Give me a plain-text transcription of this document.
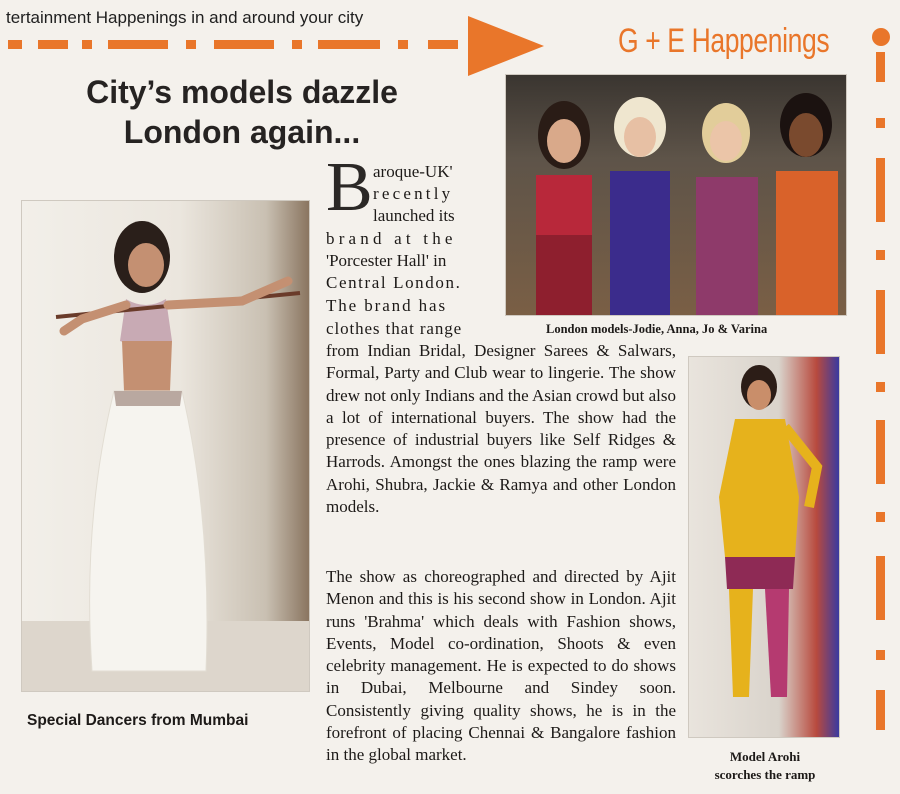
tertainment Happenings in and around your city
G + E Happenings
City’s models dazzle
London again...
London models-Jodie, Anna, Jo & Varina
Model Arohi
scorches the ramp
Special Dancers from Mumbai
B aroque-UK'
recently
launched its
brand at the
'Porcester Hall' in
Central London.
The brand has
clothes that range
from Indian Bridal, Designer Sarees & Salwars, Formal, Party and Club wear to lingerie. The show drew not only Indians and the Asian crowd but also a lot of international buyers. The show had the presence of industrial buyers like Self Ridges & Harrods. Amongst the ones blazing the ramp were Arohi, Shubra, Jackie & Ramya and other London models.
The show as choreographed and directed by Ajit Menon and this is his second show in London. Ajit runs 'Brahma' which deals with Fashion shows, Events, Model co-ordination, Shoots & even celebrity management. He is expected to do shows in Dubai, Melbourne and Sindey soon. Consistently giving quality shows, he is in the forefront of placing Chennai & Bangalore fashion in the global market.
